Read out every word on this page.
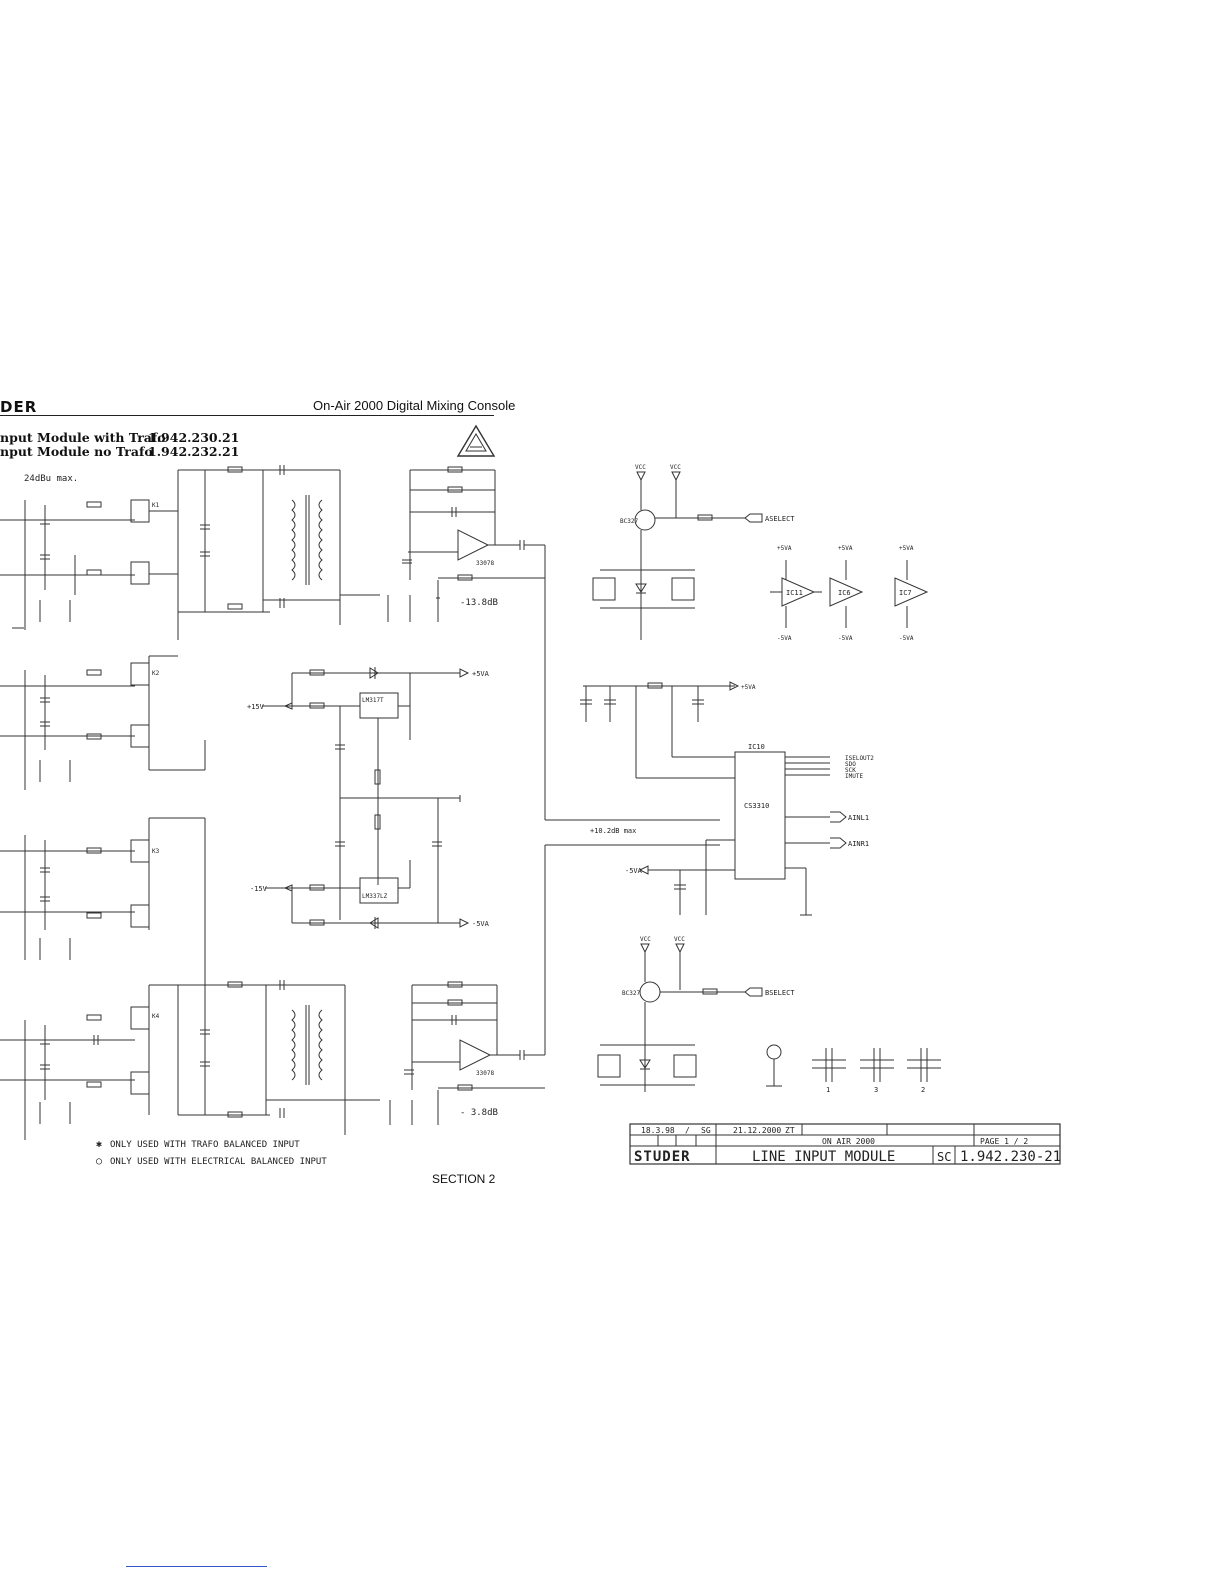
DER	On-Air 2000 Digital Mixing Console
nput Module with Trafo
1.942.230.21
nput Module no Trafo
1.942.232.21
24dBu max.
-13.8dB
- 3.8dB
+10.2dB max
+15V
-15V
+5VA
-5VA
LM317T
LM337LZ
33078
33078
K1
K2
K3
K4
VCC	VCC
VCC	VCC
BC327
BC327
ASELECT
BSELECT
IC11	IC6	IC7
+5VA	+5VA	+5VA
-5VA	-5VA	-5VA
+5VA
-5VA
IC10
CS3310
ISELOUT2
SDO
SCK
IMUTE
AINL1
AINR1
1	3	2
✱ ONLY USED WITH TRAFO BALANCED INPUT
○ ONLY USED WITH ELECTRICAL BALANCED INPUT
18.3.98 / SG	21.12.2000 ZT
ON AIR 2000	PAGE 1 / 2
STUDER	LINE INPUT MODULE	SC 1.942.230-21
SECTION 2
